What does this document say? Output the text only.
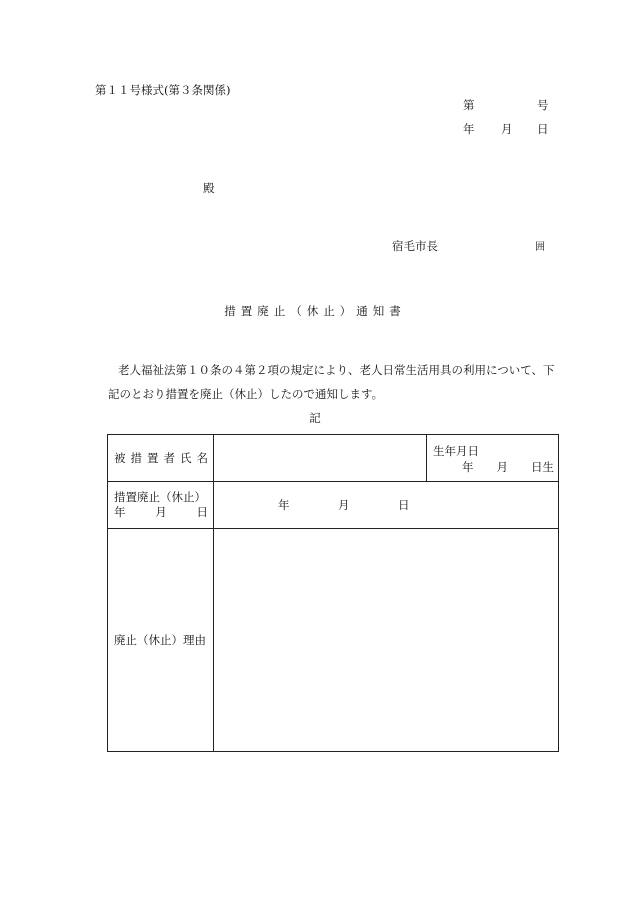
第１１号様式(第３条関係)
第	号
年 月 日
殿
宿毛市長	囲
措置廃止（休止）通知書
老人福祉法第１０条の４第２項の規定により、老人日常生活用具の利用について、下
記のとおり措置を廃止（休止）したので通知します。
記
被措置者氏名		生年月日
年　　月　　日生

措置廃止（休止）
年 月 日	年 月 日	

廃止（休止）理由		
